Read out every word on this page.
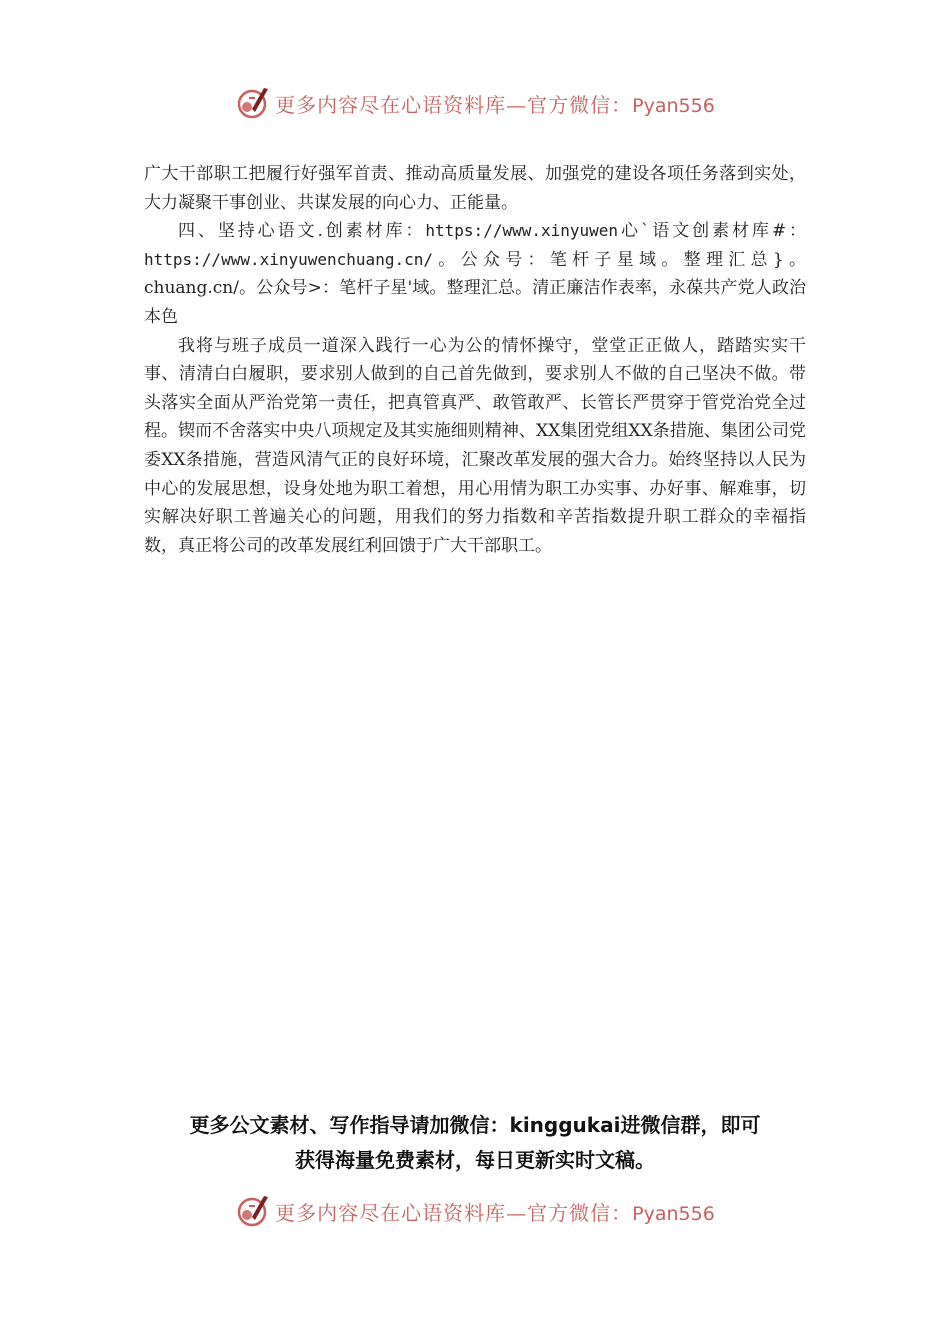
更多内容尽在心语资料库—官方微信：Pyan556

广大干部职工把履行好强军首责、推动高质量发展、加强党的建设各项任务落到实处，大力凝聚干事创业、共谋发展的向心力、正能量。

四、坚持心语文.创素材库：https://www.xinyuwen心`语文创素材库#：https://www.xinyuwenchuang.cn/。公众号：笔杆子星域。整理汇总}。chuang.cn/。公众号>：笔杆子星'域。整理汇总。清正廉洁作表率，永葆共产党人政治本色

我将与班子成员一道深入践行一心为公的情怀操守，堂堂正正做人，踏踏实实干事、清清白白履职，要求别人做到的自己首先做到，要求别人不做的自己坚决不做。带头落实全面从严治党第一责任，把真管真严、敢管敢严、长管长严贯穿于管党治党全过程。锲而不舍落实中央八项规定及其实施细则精神、XX集团党组XX条措施、集团公司党委XX条措施，营造风清气正的良好环境，汇聚改革发展的强大合力。始终坚持以人民为中心的发展思想，设身处地为职工着想，用心用情为职工办实事、办好事、解难事，切实解决好职工普遍关心的问题，用我们的努力指数和辛苦指数提升职工群众的幸福指数，真正将公司的改革发展红利回馈于广大干部职工。

更多公文素材、写作指导请加微信：kinggukai进微信群，即可
获得海量免费素材，每日更新实时文稿。
更多内容尽在心语资料库—官方微信：Pyan556
